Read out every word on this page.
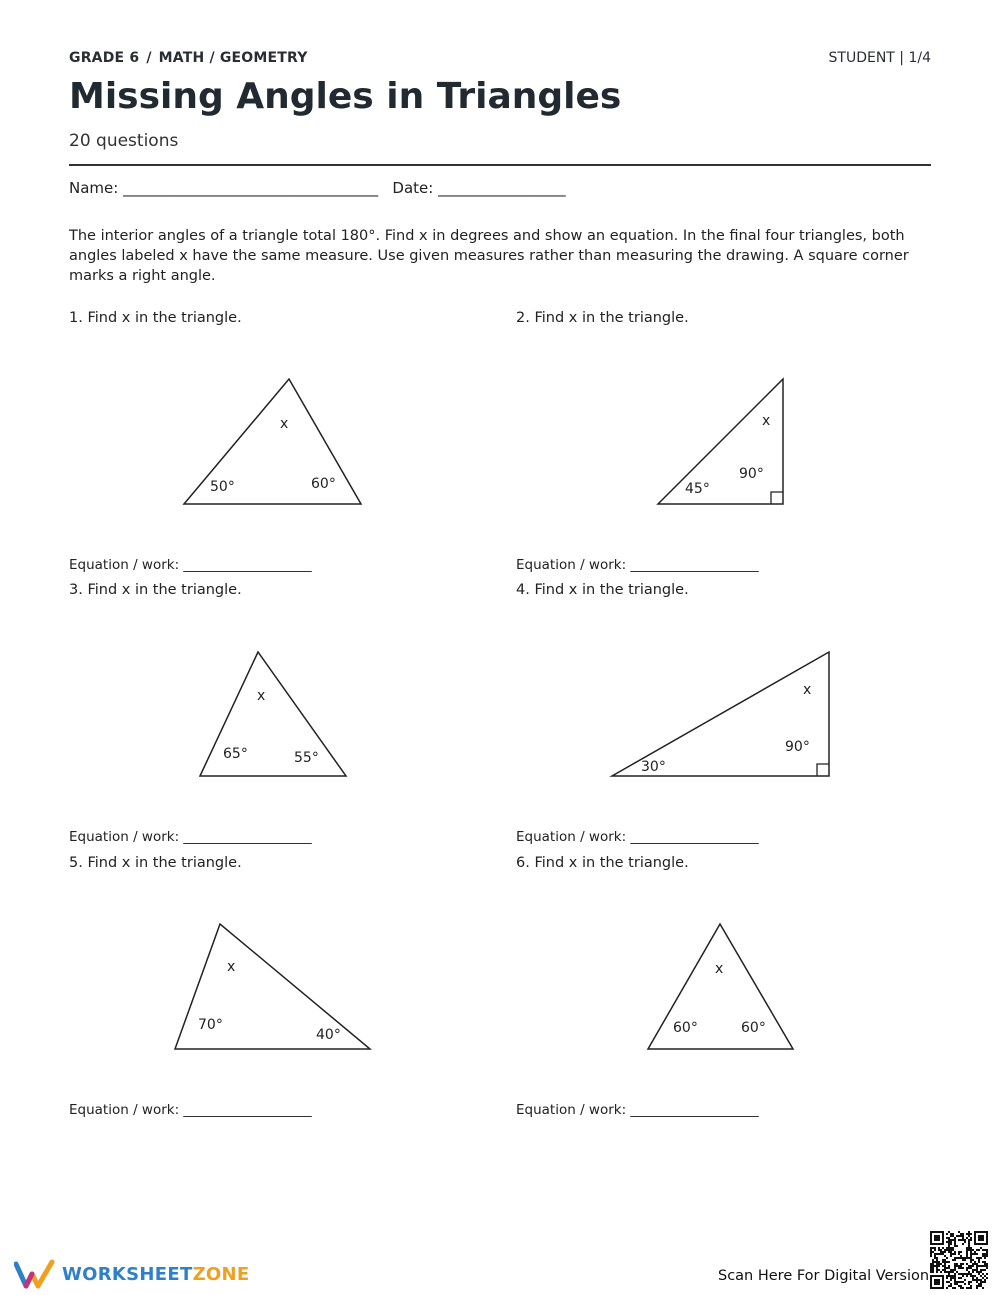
GRADE 6 / MATH / GEOMETRY	STUDENT | 1/4
Missing Angles in Triangles
20 questions
Name: __________________________________ Date: _________________
The interior angles of a triangle total 180°. Find x in degrees and show an equation. In the final four triangles, both angles labeled x have the same measure. Use given measures rather than measuring the drawing. A square corner marks a right angle.
1. Find x in the triangle.
x
50°	60°
Equation / work: ___________________
2. Find x in the triangle.
x
45°
90°
Equation / work: ___________________
3. Find x in the triangle.
x
65°	55°
Equation / work: ___________________
4. Find x in the triangle.
x
30°
90°
Equation / work: ___________________
5. Find x in the triangle.
x
70°
40°
Equation / work: ___________________
6. Find x in the triangle.
x
60°	60°
Equation / work: ___________________
WORKSHEETZONE	Scan Here For Digital Version
